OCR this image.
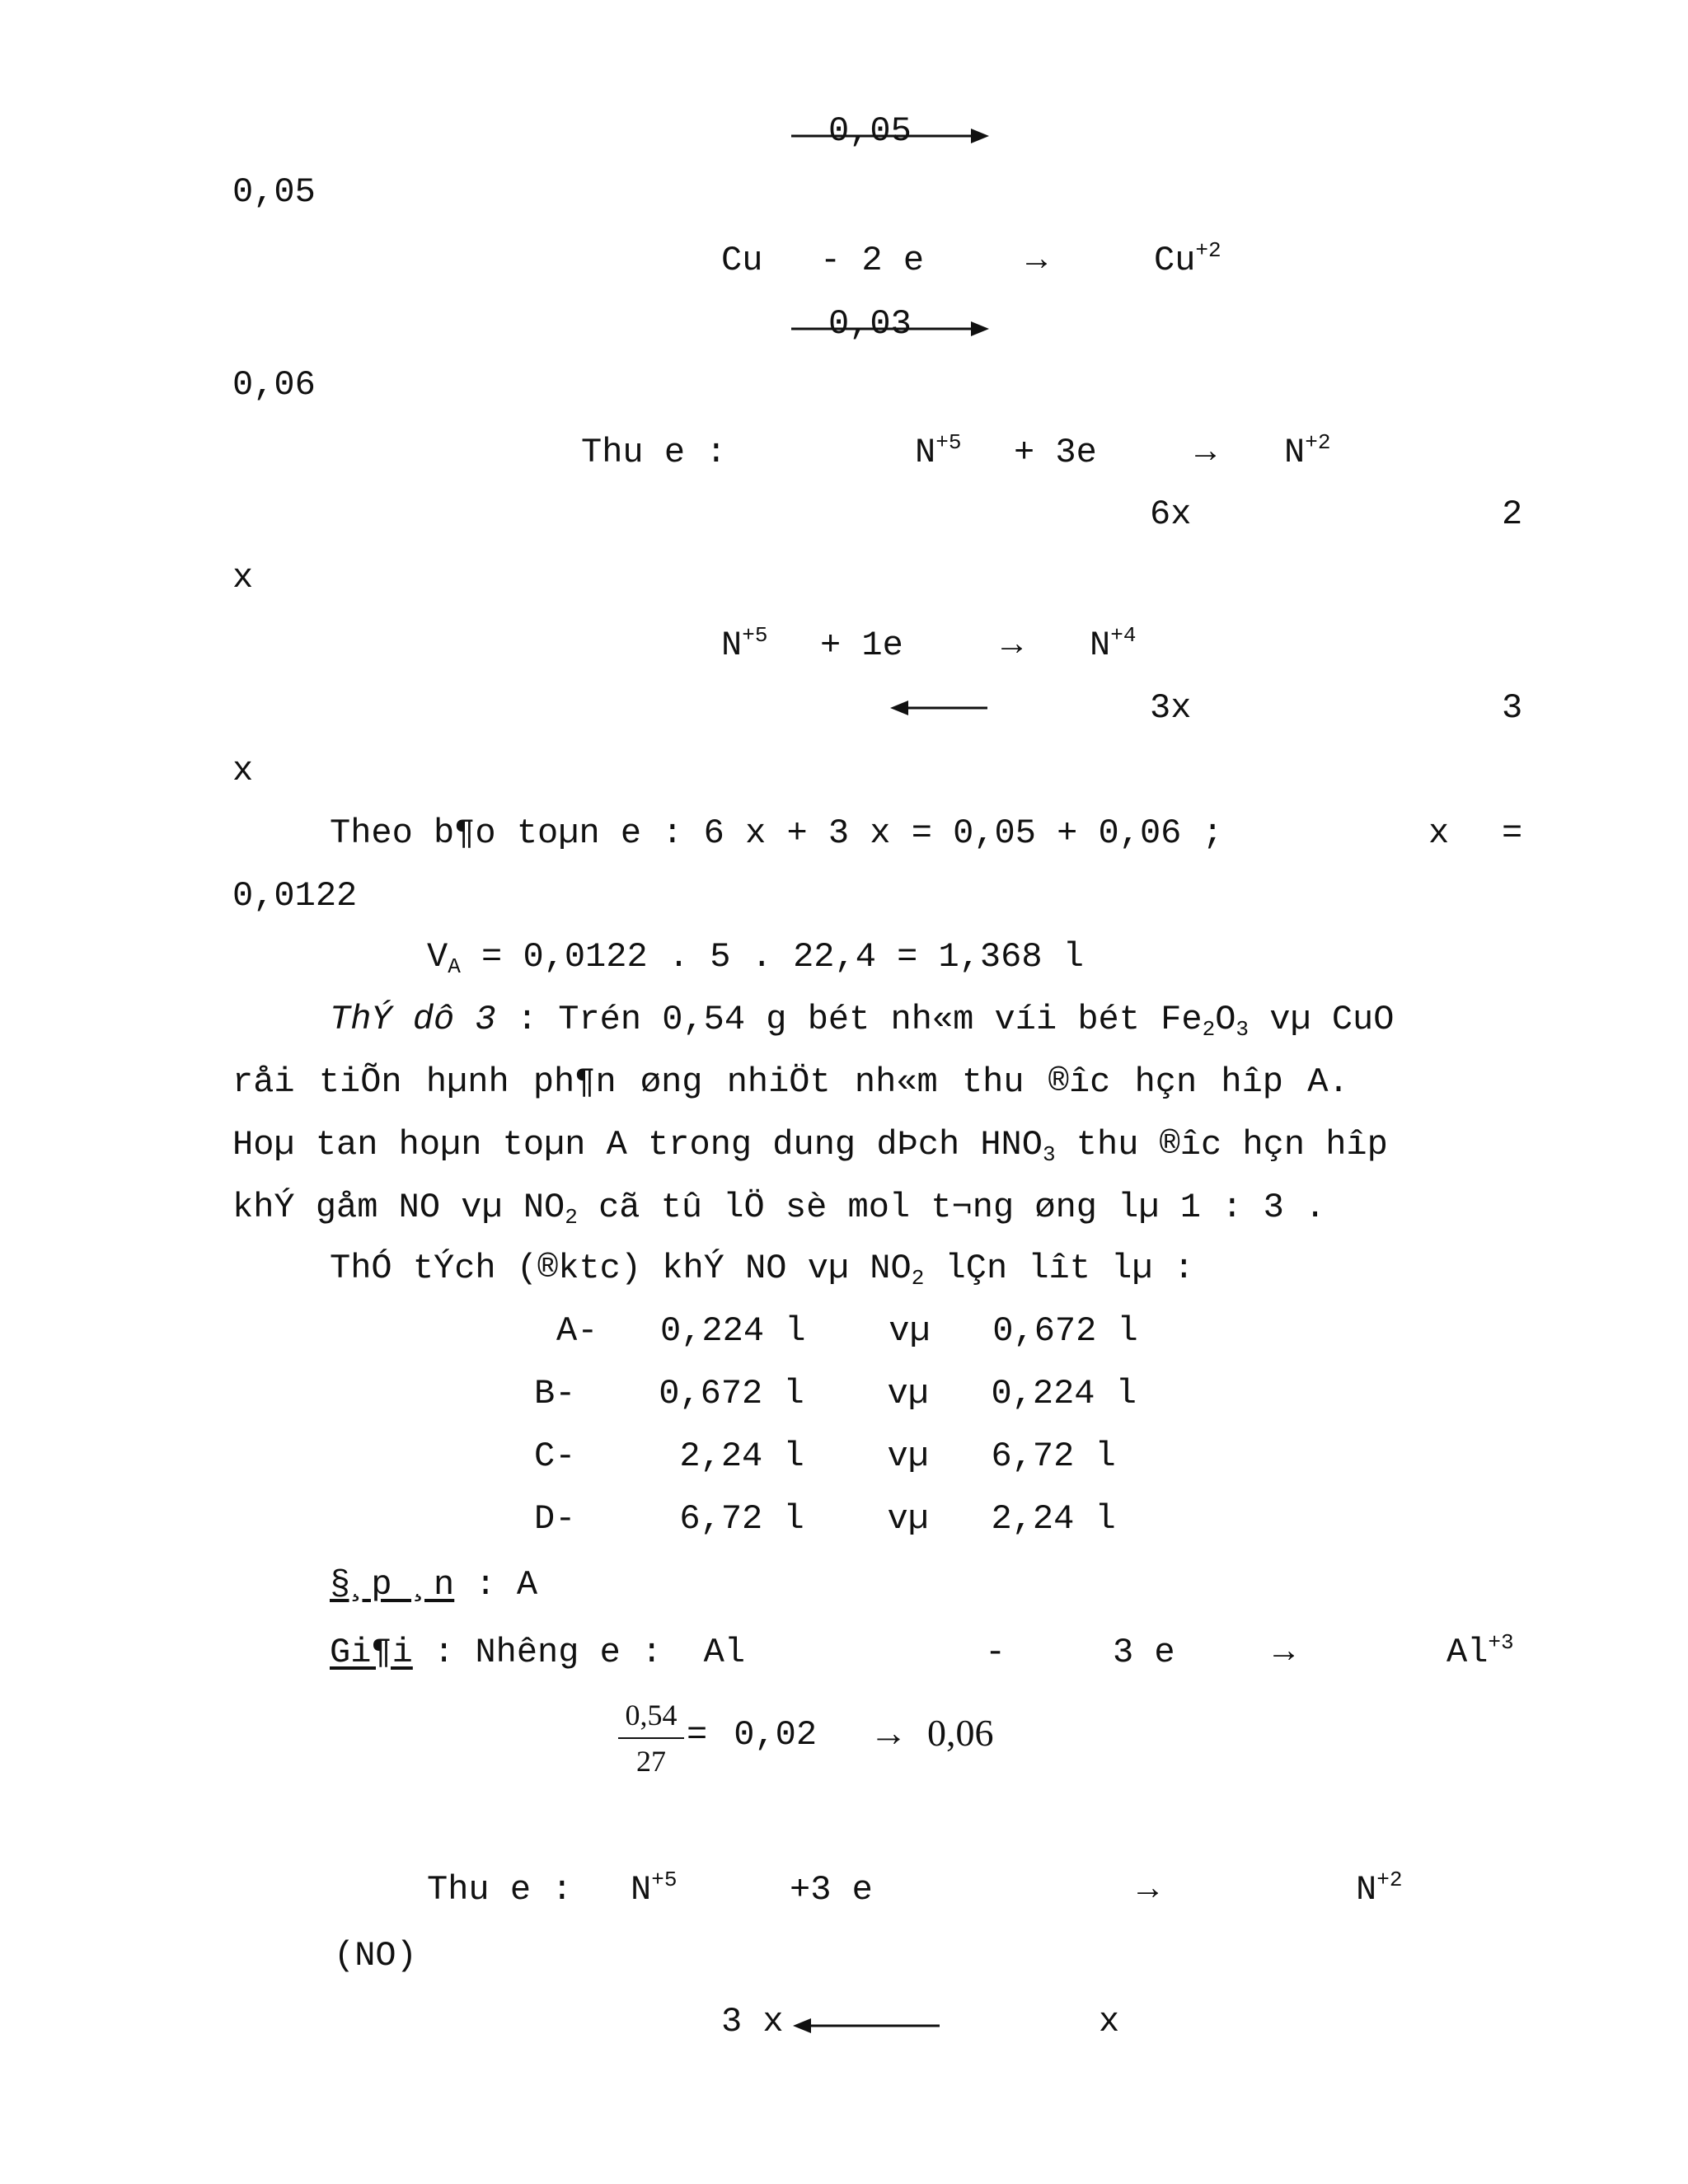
0,05
0,05
Cu - 2 e	→	$Cu^{+2}$
0,03
0,06
Thu e :	$N^{+5} + 3e$	→ $N^{+2}$
6x	2
x
$N^{+5} + 1e$	→ $N^{+4}$
3x	3
x
Theo b¶o toµn e : 6 x + 3 x = 0,05 + 0,06 ;	x =
0,0122
$V_A = 0,0122$ . 5 . 22,4 = 1,368 l
ThÝ dô 3 : Trén 0,54 g bét nh«m víi bét $Fe_2O_3$ vµ CuO
råi tiÕn hµnh ph¶n øng nhiÖt nh«m thu ®îc hçn hîp A.
Hoµ tan hoµn toµn A trong dung dÞch $HNO_3$ thu ®îc hçn hîp
khÝ gåm NO vµ $NO_2$ cã tû lÖ sè mol t¬ng øng lµ 1 : 3 .
ThÓ tÝch (®ktc) khÝ NO vµ $NO_2$ lÇn lît lµ :
A-   0,224 l    vµ   0,672 l
B-    0,672 l    vµ   0,224 l
C-     2,24 l    vµ   6,72 l
D-     6,72 l    vµ   2,24 l
§¸p ¸n : A
Gi¶i : Nhêng e :  Al	-	3 e	→	$Al^{+3}$
0,54
27
= 0,02 → 0,06
Thu e : $N^{+5}$	+3 e	→	$N^{+2}$
(NO)
3 x	x
